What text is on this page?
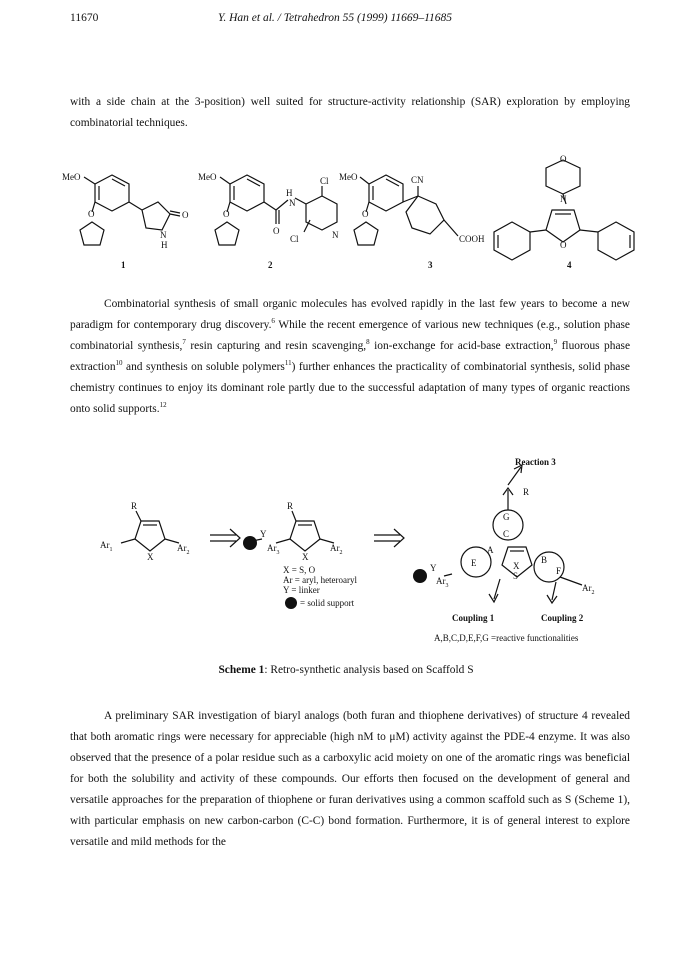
11670	Y. Han et al. / Tetrahedron 55 (1999) 11669–11685

with a side chain at the 3-position) well suited for structure-activity relationship (SAR) exploration by employing combinatorial techniques.

MeO
O	O
N
H
MeO
O
O
H
N
Cl
Cl	N
MeO
O
CN
COOH
O
N
O
1	2	3	4

Combinatorial synthesis of small organic molecules has evolved rapidly in the last few years to become a new paradigm for contemporary drug discovery.$^6$ While the recent emergence of various new techniques (e.g., solution phase combinatorial synthesis,$^7$ resin capturing and resin scavenging,$^8$ ion-exchange for acid-base extraction,$^9$ fluorous phase extraction$^{10}$ and synthesis on soluble polymers$^{11}$) further enhances the practicality of combinatorial synthesis, solid phase chemistry continues to enjoy its dominant role partly due to the successful adaptation of many types of organic reactions onto solid supports.$^{12}$

Reaction 3
R
$Ar_1$
X
$Ar_2$
R
Y
$Ar_3$	X
$Ar_2$
X = S, O
Ar = aryl, heteroaryl
Y = linker
= solid support
R
G
C
E
A
B
F
X
S
Y
$Ar_3$	$Ar_2$
Coupling 1	Coupling 2
A,B,C,D,E,F,G =reactive functionalities
Scheme 1: Retro-synthetic analysis based on Scaffold S

A preliminary SAR investigation of biaryl analogs (both furan and thiophene derivatives) of structure 4 revealed that both aromatic rings were necessary for appreciable (high nM to μM) activity against the PDE-4 enzyme. It was also observed that the presence of a polar residue such as a carboxylic acid moiety on one of the aromatic rings was beneficial for both the solubility and activity of these compounds. Our efforts then focused on the development of general and versatile approaches for the preparation of thiophene or furan derivatives using a common scaffold such as S (Scheme 1), with particular emphasis on new carbon-carbon (C-C) bond formation. Furthermore, it is of general interest to explore versatile and mild methods for the
